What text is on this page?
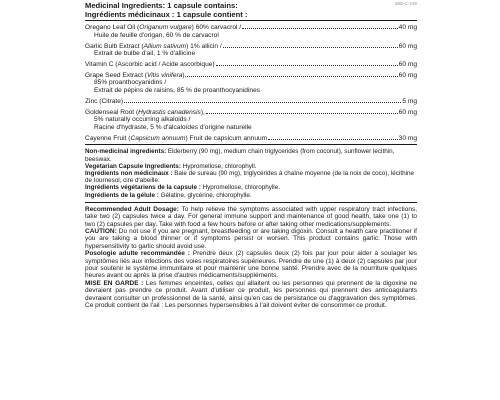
490-C-VI9
Medicinal Ingredients: 1 capsule contains:
Ingrédients médicinaux : 1 capsule contient :
Oregano Leaf Oil (Origanum vulgare) 60% carvacrol /	40 mg
Huile de feuille d'origan, 60 % de carvacrol
Garlic Bulb Extract (Allium sativum) 1% allicin /	60 mg
Extrait de bulbe d'ail, 1 % d'allicine
Vitamin C (Ascorbic acid / Acide ascorbique)	60 mg
Grape Seed Extract (Vitis vinifera),	60 mg
85% proanthocyanidins /
Extrait de pépins de raisins, 85 % de proanthocyanidines
Zinc (Citrate)	5 mg
Goldenseal Root (Hydrastis canadensis),	60 mg
5% naturally occurring alkaloids /
Racine d'hydraste, 5 % d'alcaloïdes d'origine naturelle
Cayenne Fruit (Capsicum annuum) Fruit de capsicum annuum	30 mg
Non-medicinal ingredients: Elderberry (90 mg), medium chain triglycerides (from coconut), sunflower lecithin, beeswax.
Vegetarian Capsule Ingredients: Hypromellose, chlorophyll.
Ingrédients non médicinaux : Baie de sureau (90 mg), triglycérides à chaîne moyenne (de la noix de coco), lécithine de tournesol, cire d'abeille.
Ingrédients végétariens de la capsule : Hypromellose, chlorophylle.
Ingrédients de la gélule : Gélatine, glycérine, chlorophylle.
Recommended Adult Dosage: To help relieve the symptoms associated with upper respiratory tract infections, take two (2) capsules twice a day. For general immune support and maintenance of good health, take one (1) to two (2) capsules per day. Take with food a few hours before or after taking other medications/supplements.
CAUTION: Do not use if you are pregnant, breastfeeding or are taking digoxin. Consult a health care practitioner if you are taking a blood thinner or if symptoms persist or worsen. This product contains garlic: Those with hypersensitivity to garlic should avoid use.
Posologie adulte recommandée : Prendre deux (2) capsules deux (2) fois par jour pour aider à soulager les symptômes liés aux infections des voies respiratoires supérieures. Prendre de une (1) à deux (2) capsules par jour pour soutenir le système immunitaire et pour maintenir une bonne santé. Prendre avec de la nourriture quelques heures avant ou après la prise d'autres médicaments/suppléments.
MISE EN GARDE : Les femmes enceintes, celles qui allaitent ou les personnes qui prennent de la digoxine ne devraient pas prendre ce produit. Avant d'utiliser ce produit, les personnes qui prennent des anticoagulants devraient consulter un professionnel de la santé, ainsi qu'en cas de persistance ou d'aggravation des symptômes. Ce produit contient de l'ail : Les personnes hypersensibles à l'ail doivent éviter de consommer ce produit.
